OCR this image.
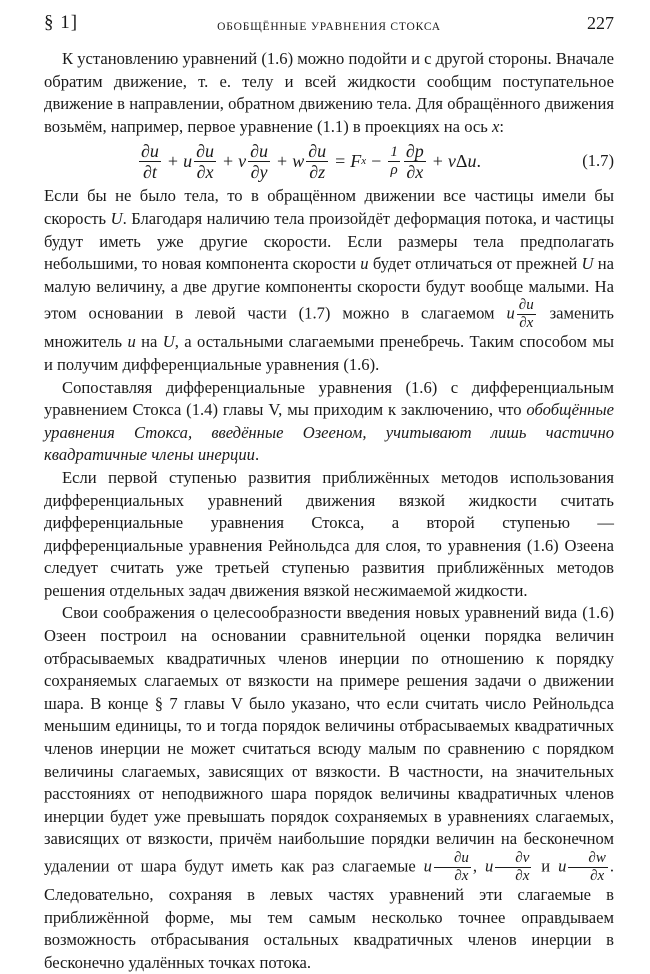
§ 1]	ОБОБЩЁННЫЕ УРАВНЕНИЯ СТОКСА	227

К установлению уравнений (1.6) можно подойти и с другой стороны. Вначале обратим движение, т. е. телу и всей жидкости сообщим поступательное движение в направлении, обратном движению тела. Для обращённого движения возьмём, например, первое уравнение (1.1) в проекциях на ось x:

$\frac{\partial u}{\partial t} + u \frac{\partial u}{\partial x} + v \frac{\partial u}{\partial y} + w \frac{\partial u}{\partial z} = F$ $x - \frac{1}{\rho} \frac{\partial p}{\partial x} + \nu$ Δ u .	(1.7)

Если бы не было тела, то в обращённом движении все частицы имели бы скорость U. Благодаря наличию тела произойдёт деформация потока, и частицы будут иметь уже другие скорости. Если размеры тела предполагать небольшими, то новая компонента скорости u будет отличаться от прежней U на малую величину, а две другие компоненты скорости будут вообще малыми. На этом основании в левой части (1.7) можно в слагаемом u $\frac{\partial u}{\partial x}$ заменить множитель u на U, а остальными слагаемыми пренебречь. Таким способом мы и получим дифференциальные уравнения (1.6).

Сопоставляя дифференциальные уравнения (1.6) с дифференциальным уравнением Стокса (1.4) главы V, мы приходим к заключению, что обобщённые уравнения Стокса, введённые Озееном, учитывают лишь частично квадратичные члены инерции.

Если первой ступенью развития приближённых методов использования дифференциальных уравнений движения вязкой жидкости считать дифференциальные уравнения Стокса, а второй ступенью — дифференциальные уравнения Рейнольдса для слоя, то уравнения (1.6) Озеена следует считать уже третьей ступенью развития приближённых методов решения отдельных задач движения вязкой несжимаемой жидкости.

Свои соображения о целесообразности введения новых уравнений вида (1.6) Озеен построил на основании сравнительной оценки порядка величин отбрасываемых квадратичных членов инерции по отношению к порядку сохраняемых слагаемых от вязкости на примере решения задачи о движении шара. В конце § 7 главы V было указано, что если считать число Рейнольдса меньшим единицы, то и тогда порядок величины отбрасываемых квадратичных членов инерции не может считаться всюду малым по сравнению с порядком величины слагаемых, зависящих от вязкости. В частности, на значительных расстояниях от неподвижного шара порядок величины квадратичных членов инерции будет уже превышать порядок сохраняемых в уравнениях слагаемых, зависящих от вязкости, причём наибольшие порядки величин на бесконечном удалении от шара будут иметь как раз слагаемые u $\frac{\partial u}{\partial x}$ , u $\frac{\partial v}{\partial x}$ и u $\frac{\partial w}{\partial x}$ . Следовательно, сохраняя в левых частях уравнений эти слагаемые в приближённой форме, мы тем самым несколько точнее оправдываем возможность отбрасывания остальных квадратичных членов инерции в бесконечно удалённых точках потока.
